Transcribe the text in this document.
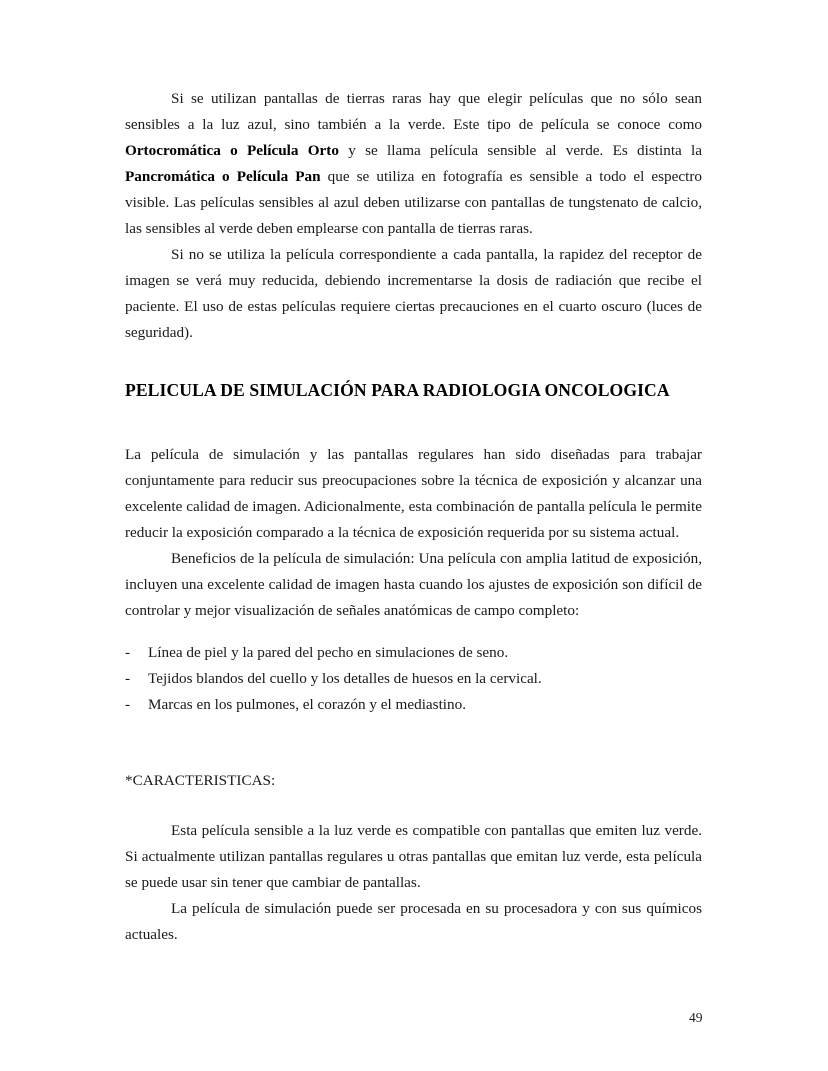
Si se utilizan pantallas de tierras raras hay que elegir películas que no sólo sean sensibles a la luz azul, sino también a la verde. Este tipo de película se conoce como Ortocromática o Película Orto y se llama película sensible al verde. Es distinta la Pancromática o Película Pan que se utiliza en fotografía es sensible a todo el espectro visible. Las películas sensibles al azul deben utilizarse con pantallas de tungstenato de calcio, las sensibles al verde deben emplearse con pantalla de tierras raras.

Si no se utiliza la película correspondiente a cada pantalla, la rapidez del receptor de imagen se verá muy reducida, debiendo incrementarse la dosis de radiación que recibe el paciente. El uso de estas películas requiere ciertas precauciones en el cuarto oscuro (luces de seguridad).

PELICULA DE SIMULACIÓN PARA RADIOLOGIA ONCOLOGICA

La película de simulación y las pantallas regulares han sido diseñadas para trabajar conjuntamente para reducir sus preocupaciones sobre la técnica de exposición y alcanzar una excelente calidad de imagen. Adicionalmente, esta combinación de pantalla película le permite reducir la exposición comparado a la técnica de exposición requerida por su sistema actual.

Beneficios de la película de simulación: Una película con amplia latitud de exposición, incluyen una excelente calidad de imagen hasta cuando los ajustes de exposición son difícil de controlar y mejor visualización de señales anatómicas de campo completo:

- Línea de piel y la pared del pecho en simulaciones de seno.
- Tejidos blandos del cuello y los detalles de huesos en la cervical.
- Marcas en los pulmones, el corazón y el mediastino.
*CARACTERISTICAS:

Esta película sensible a la luz verde es compatible con pantallas que emiten luz verde. Si actualmente utilizan pantallas regulares u otras pantallas que emitan luz verde, esta película se puede usar sin tener que cambiar de pantallas.

La película de simulación puede ser procesada en su procesadora y con sus químicos actuales.

49
